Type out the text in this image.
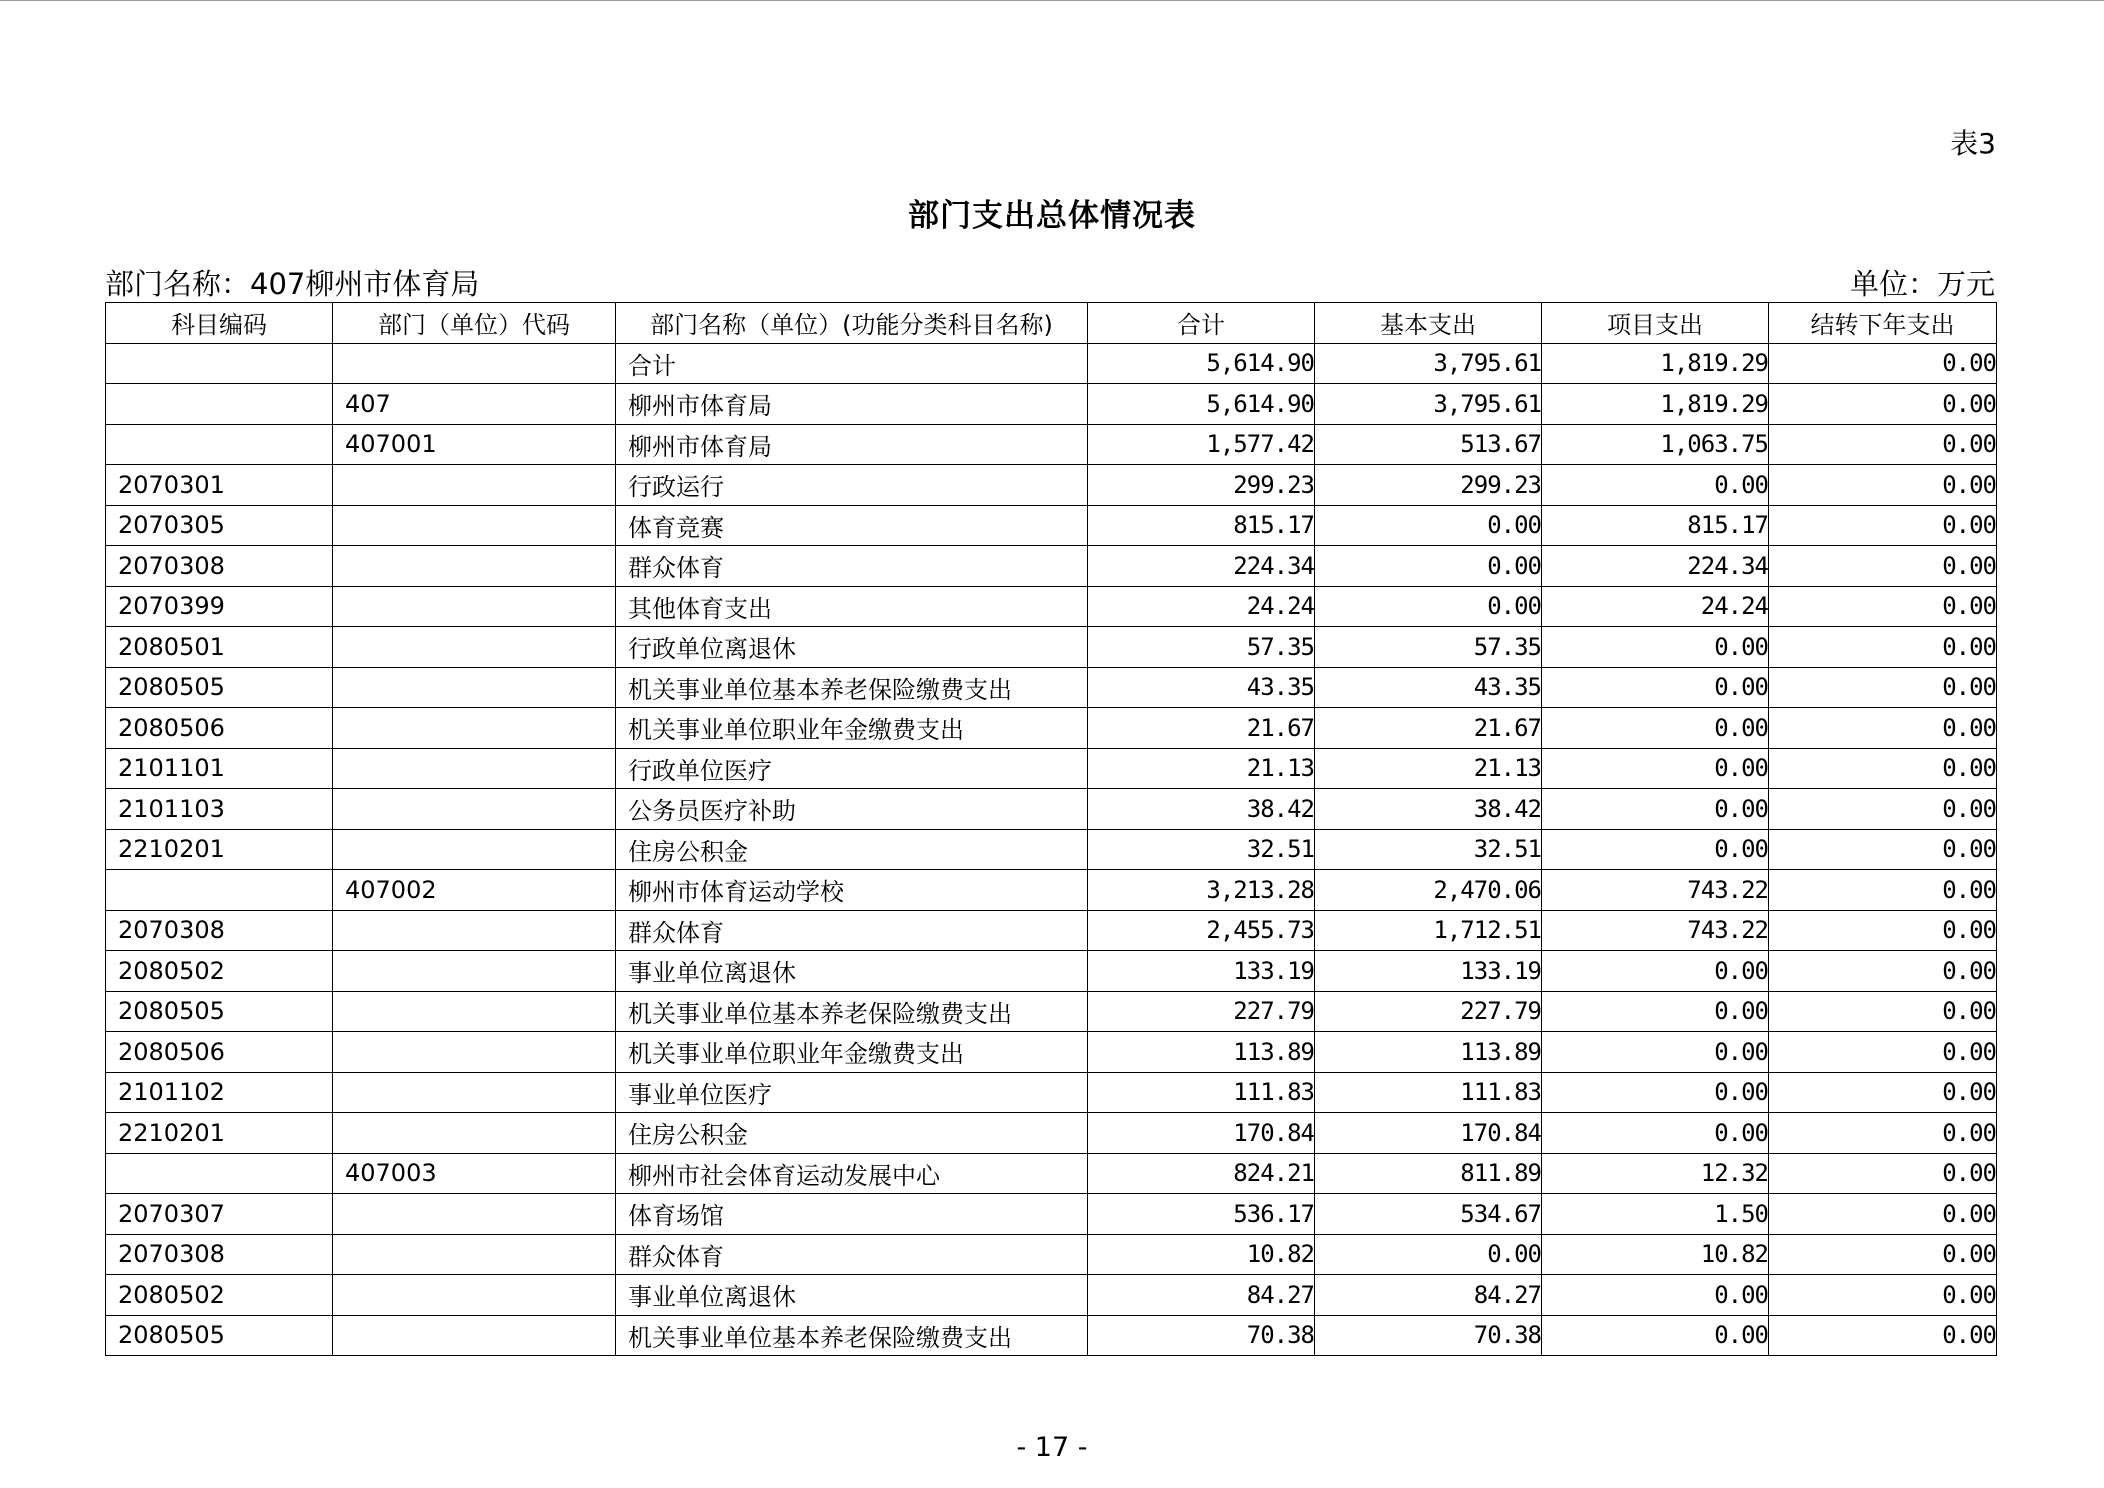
表3
部门支出总体情况表
部门名称：407柳州市体育局	单位：万元
科目编码	部门（单位）代码	部门名称（单位）(功能分类科目名称)	合计	基本支出	项目支出	结转下年支出
		合计	5,614.90	3,795.61	1,819.29	0.00
	407	柳州市体育局	5,614.90	3,795.61	1,819.29	0.00
	407001	柳州市体育局	1,577.42	513.67	1,063.75	0.00
2070301		行政运行	299.23	299.23	0.00	0.00
2070305		体育竞赛	815.17	0.00	815.17	0.00
2070308		群众体育	224.34	0.00	224.34	0.00
2070399		其他体育支出	24.24	0.00	24.24	0.00
2080501		行政单位离退休	57.35	57.35	0.00	0.00
2080505		机关事业单位基本养老保险缴费支出	43.35	43.35	0.00	0.00
2080506		机关事业单位职业年金缴费支出	21.67	21.67	0.00	0.00
2101101		行政单位医疗	21.13	21.13	0.00	0.00
2101103		公务员医疗补助	38.42	38.42	0.00	0.00
2210201		住房公积金	32.51	32.51	0.00	0.00
	407002	柳州市体育运动学校	3,213.28	2,470.06	743.22	0.00
2070308		群众体育	2,455.73	1,712.51	743.22	0.00
2080502		事业单位离退休	133.19	133.19	0.00	0.00
2080505		机关事业单位基本养老保险缴费支出	227.79	227.79	0.00	0.00
2080506		机关事业单位职业年金缴费支出	113.89	113.89	0.00	0.00
2101102		事业单位医疗	111.83	111.83	0.00	0.00
2210201		住房公积金	170.84	170.84	0.00	0.00
	407003	柳州市社会体育运动发展中心	824.21	811.89	12.32	0.00
2070307		体育场馆	536.17	534.67	1.50	0.00
2070308		群众体育	10.82	0.00	10.82	0.00
2080502		事业单位离退休	84.27	84.27	0.00	0.00
2080505		机关事业单位基本养老保险缴费支出	70.38	70.38	0.00	0.00
- 17 -
